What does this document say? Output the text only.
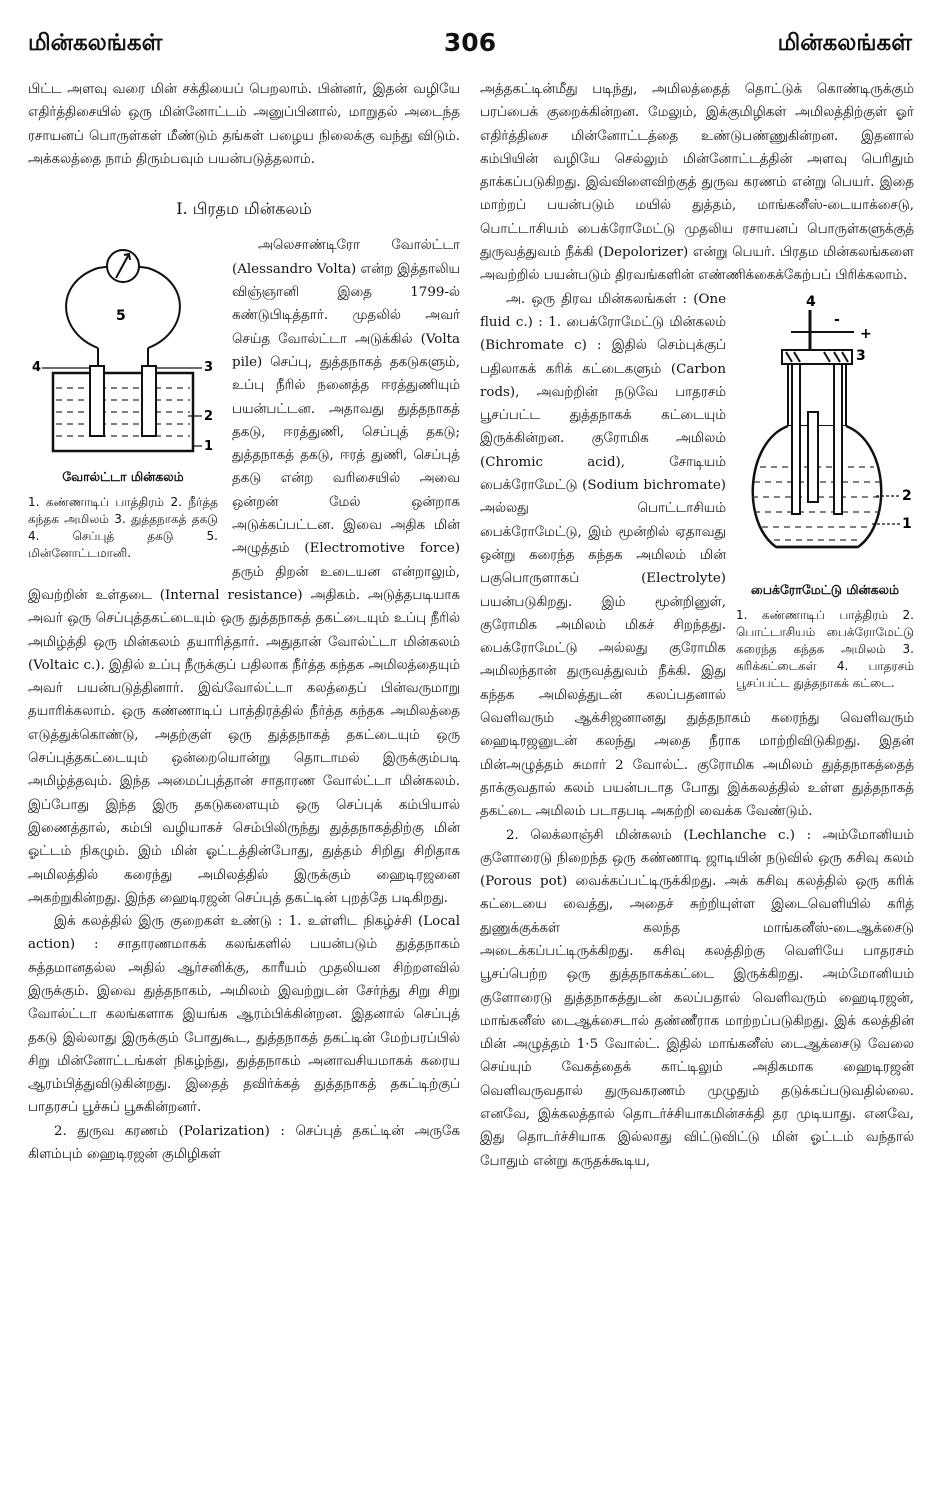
மின்கலங்கள்	306	மின்கலங்கள்

பிட்ட அளவு வரை மின் சக்தியைப் பெறலாம். பின்னர், இதன் வழியே எதிர்த்திசையில் ஒரு மின்னோட்டம் அனுப்பினால், மாறுதல் அடைந்த ரசாயனப் பொருள்கள் மீண்டும் தங்கள் பழைய நிலைக்கு வந்து விடும். அக்கலத்தை நாம் திரும்பவும் பயன்படுத்தலாம்.

I. பிரதம மின்கலம்
5
4	3
2
1
வோல்ட்டா மின்கலம்
1. கண்ணாடிப் பாத்திரம் 2. நீர்த்த கந்தக அமிலம் 3. துத்தநாகத் தகடு 4. செப்புத் தகடு 5. மின்னோட்டமானி.

அலெசாண்டிரோ வோல்ட்டா (Alessandro Volta) என்ற இத்தாலிய விஞ்ஞானி இதை 1799-ல் கண்டுபிடித்தார். முதலில் அவர் செய்த வோல்ட்டா அடுக்கில் (Volta pile) செப்பு, துத்தநாகத் தகடுகளும், உப்பு நீரில் நனைத்த ஈரத்துணியும் பயன்பட்டன. அதாவது துத்தநாகத் தகடு, ஈரத்துணி, செப்புத் தகடு; துத்தநாகத் தகடு, ஈரத் துணி, செப்புத் தகடு என்ற வரிசையில் அவை ஒன்றன் மேல் ஒன்றாக அடுக்கப்பட்டன. இவை அதிக மின் அழுத்தம் (Electromotive force) தரும் திறன் உடையன என்றாலும், இவற்றின் உள்தடை (Internal resistance) அதிகம். அடுத்தபடியாக அவர் ஒரு செப்புத்தகட்டையும் ஒரு துத்தநாகத் தகட்டையும் உப்பு நீரில் அமிழ்த்தி ஒரு மின்கலம் தயாரித்தார். அதுதான் வோல்ட்டா மின்கலம் (Voltaic c.). இதில் உப்பு நீருக்குப் பதிலாக நீர்த்த கந்தக அமிலத்தையும் அவர் பயன்படுத்தினார். இவ்வோல்ட்டா கலத்தைப் பின்வருமாறு தயாரிக்கலாம். ஒரு கண்ணாடிப் பாத்திரத்தில் நீர்த்த கந்தக அமிலத்தை எடுத்துக்கொண்டு, அதற்குள் ஒரு துத்தநாகத் தகட்டையும் ஒரு செப்புத்தகட்டையும் ஒன்றையொன்று தொடாமல் இருக்கும்படி அமிழ்த்தவும். இந்த அமைப்புத்தான் சாதாரண வோல்ட்டா மின்கலம். இப்போது இந்த இரு தகடுகளையும் ஒரு செப்புக் கம்பியால் இணைத்தால், கம்பி வழியாகச் செம்பிலிருந்து துத்தநாகத்திற்கு மின் ஓட்டம் நிகழும். இம் மின் ஓட்டத்தின்போது, துத்தம் சிறிது சிறிதாக அமிலத்தில் கரைந்து அமிலத்தில் இருக்கும் ஹைடிரஜனை அகற்றுகின்றது. இந்த ஹைடிரஜன் செப்புத் தகட்டின் புறத்தே படிகிறது.

இக் கலத்தில் இரு குறைகள் உண்டு : 1. உள்ளிட நிகழ்ச்சி (Local action) : சாதாரணமாகக் கலங்களில் பயன்படும் துத்தநாகம் சுத்தமானதல்ல அதில் ஆர்சனிக்கு, காரீயம் முதலியன சிற்றளவில் இருக்கும். இவை துத்தநாகம், அமிலம் இவற்றுடன் சேர்ந்து சிறு சிறு வோல்ட்டா கலங்களாக இயங்க ஆரம்பிக்கின்றன. இதனால் செப்புத் தகடு இல்லாது இருக்கும் போதுகூட, துத்தநாகத் தகட்டின் மேற்பரப்பில் சிறு மின்னோட்டங்கள் நிகழ்ந்து, துத்தநாகம் அனாவசியமாகக் கரைய ஆரம்பித்துவிடுகின்றது. இதைத் தவிர்க்கத் துத்தநாகத் தகட்டிற்குப் பாதரசப் பூச்சுப் பூசுகின்றனர்.

2. துருவ கரணம் (Polarization) : செப்புத் தகட்டின் அருகே கிளம்பும் ஹைடிரஜன் குமிழிகள்

அத்தகட்டின்மீது படிந்து, அமிலத்தைத் தொட்டுக் கொண்டிருக்கும் பரப்பைக் குறைக்கின்றன. மேலும், இக்குமிழிகள் அமிலத்திற்குள் ஓர் எதிர்த்திசை மின்னோட்டத்தை உண்டுபண்ணுகின்றன. இதனால் கம்பியின் வழியே செல்லும் மின்னோட்டத்தின் அளவு பெரிதும் தாக்கப்படுகிறது. இவ்விளைவிற்குத் துருவ கரணம் என்று பெயர். இதை மாற்றப் பயன்படும் மயில் துத்தம், மாங்கனீஸ்-டையாக்சைடு, பொட்டாசியம் பைக்ரோமேட்டு முதலிய ரசாயனப் பொருள்களுக்குத் துருவத்துவம் நீக்கி (Depolorizer) என்று பெயர். பிரதம மின்கலங்களை அவற்றில் பயன்படும் திரவங்களின் எண்ணிக்கைக்கேற்பப் பிரிக்கலாம்.

4
-
+
3
2
1
பைக்ரோமேட்டு மின்கலம்
1. கண்ணாடிப் பாத்திரம் 2. பொட்டாசியம் பைக்ரோமேட்டு கரைந்த கந்தக அமிலம் 3. கரிக்கட்டைகள் 4. பாதரசம் பூசப்பட்ட துத்தநாகக் கட்டை.

அ. ஒரு திரவ மின்கலங்கள் : (One fluid c.) : 1. பைக்ரோமேட்டு மின்கலம் (Bichromate c) : இதில் செம்புக்குப் பதிலாகக் கரிக் கட்டைகளும் (Carbon rods), அவற்றின் நடுவே பாதரசம் பூசப்பட்ட துத்தநாகக் கட்டையும் இருக்கின்றன. குரோமிக அமிலம் (Chromic acid), சோடியம் பைக்ரோமேட்டு (Sodium bichromate) அல்லது பொட்டாசியம் பைக்ரோமேட்டு, இம் மூன்றில் ஏதாவது ஒன்று கரைந்த கந்தக அமிலம் மின் பகுபொருளாகப் (Electrolyte) பயன்படுகிறது. இம் மூன்றினுள், குரோமிக அமிலம் மிகச் சிறந்தது. பைக்ரோமேட்டு அல்லது குரோமிக அமிலந்தான் துருவத்துவம் நீக்கி. இது கந்தக அமிலத்துடன் கலப்பதனால் வெளிவரும் ஆக்சிஜனானது துத்தநாகம் கரைந்து வெளிவரும் ஹைடிரஜனுடன் கலந்து அதை நீராக மாற்றிவிடுகிறது. இதன் மின்அழுத்தம் சுமார் 2 வோல்ட். குரோமிக அமிலம் துத்தநாகத்தைத் தாக்குவதால் கலம் பயன்படாத போது இக்கலத்தில் உள்ள துத்தநாகத் தகட்டை அமிலம் படாதபடி அகற்றி வைக்க வேண்டும்.

2. லெக்லாஞ்சி மின்கலம் (Lechlanche c.) : அம்மோனியம் குளோரைடு நிறைந்த ஒரு கண்ணாடி ஜாடியின் நடுவில் ஒரு கசிவு கலம் (Porous pot) வைக்கப்பட்டிருக்கிறது. அக் கசிவு கலத்தில் ஒரு கரிக் கட்டையை வைத்து, அதைச் சுற்றியுள்ள இடைவெளியில் கரித் துணுக்குக்கள் கலந்த மாங்கனீஸ்-டைஆக்சைடு அடைக்கப்பட்டிருக்கிறது. கசிவு கலத்திற்கு வெளியே பாதரசம் பூசப்பெற்ற ஒரு துத்தநாகக்கட்டை இருக்கிறது. அம்மோனியம் குளோரைடு துத்தநாகத்துடன் கலப்பதால் வெளிவரும் ஹைடிரஜன், மாங்கனீஸ் டைஆக்சைடால் தண்ணீராக மாற்றப்படுகிறது. இக் கலத்தின் மின் அழுத்தம் 1·5 வோல்ட். இதில் மாங்கனீஸ் டைஆக்சைடு வேலை செய்யும் வேகத்தைக் காட்டிலும் அதிகமாக ஹைடிரஜன் வெளிவருவதால் துருவகரணம் முழுதும் தடுக்கப்படுவதில்லை. எனவே, இக்கலத்தால் தொடர்ச்சியாகமின்சக்தி தர முடியாது. எனவே, இது தொடர்ச்சியாக இல்லாது விட்டுவிட்டு மின் ஓட்டம் வந்தால் போதும் என்று கருதக்கூடிய,
